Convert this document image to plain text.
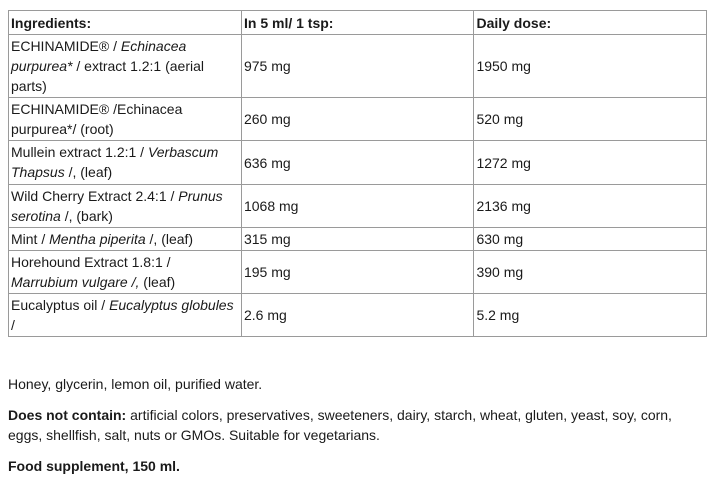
Ingredients:	In 5 ml/ 1 tsp:	Daily dose:
ECHINAMIDE® / Echinacea purpurea* / extract 1.2:1 (aerial parts)	975 mg	1950 mg
ECHINAMIDE® /Echinacea purpurea*/ (root)	260 mg	520 mg
Mullein extract 1.2:1 / Verbascum Thapsus /, (leaf)	636 mg	1272 mg
Wild Cherry Extract 2.4:1 / Prunus serotina /, (bark)	1068 mg	2136 mg
Mint / Mentha piperita /, (leaf)	315 mg	630 mg
Horehound Extract 1.8:1 / Marrubium vulgare /, (leaf)	195 mg	390 mg
Eucalyptus oil / Eucalyptus globules /	2.6 mg	5.2 mg

Honey, glycerin, lemon oil, purified water.

Does not contain: artificial colors, preservatives, sweeteners, dairy, starch, wheat, gluten, yeast, soy, corn, eggs, shellfish, salt, nuts or GMOs. Suitable for vegetarians.

Food supplement, 150 ml.
